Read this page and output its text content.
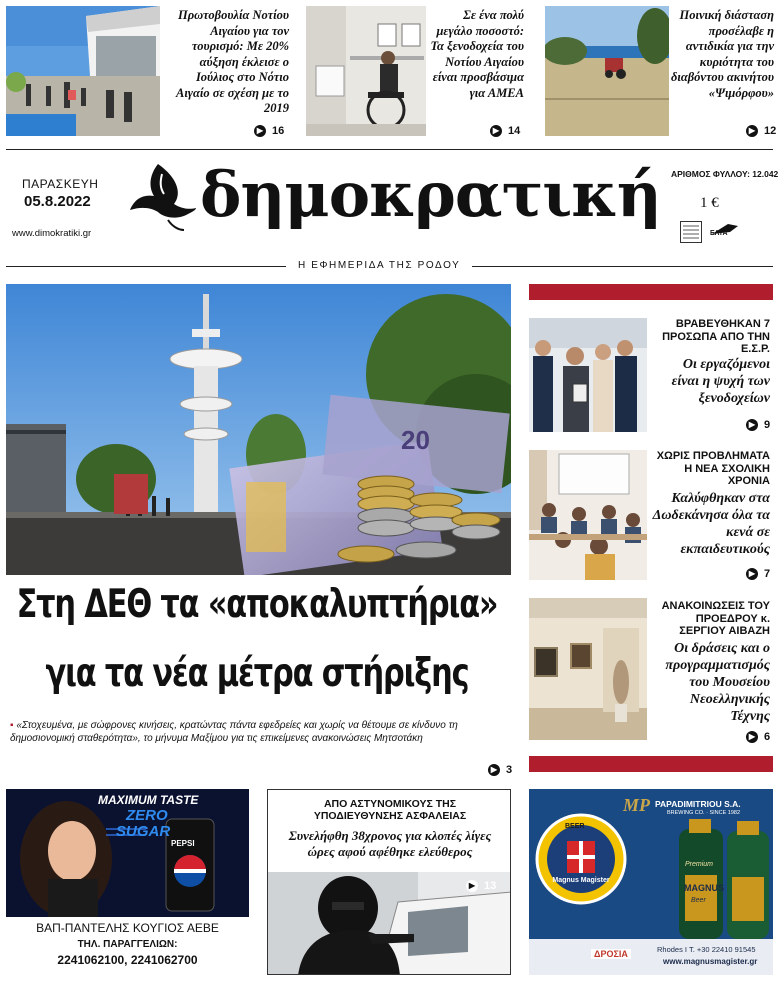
Πρωτοβουλία Νοτίου Αιγαίου για τον τουρισμό: Με 20% αύξηση έκλεισε ο Ιούλιος στο Νότιο Αιγαίο σε σχέση με το 2019
▶ 16
Σε ένα πολύ μεγάλο ποσοστό: Τα ξενοδοχεία του Νοτίου Αιγαίου είναι προσβάσιμα για ΑΜΕΑ
▶ 14
Ποινική διάσταση προσέλαβε η αντιδικία για την κυριότητα του διαβόντου ακινήτου «Ψιμόρφου»
▶ 12
ΠΑΡΑΣΚΕΥΗ
05.8.2022
www.dimokratiki.gr
δημοκρατική ΑΡΙΘΜΟΣ ΦΥΛΛΟΥ: 12.042
1 €
ΕΛΤΑ
Η ΕΦΗΜΕΡΙΔΑ ΤΗΣ ΡΟΔΟΥ
20
Στη ΔΕΘ τα «αποκαλυπτήρια»
για τα νέα μέτρα στήριξης
▪ «Στοχευμένα, με σώφρονες κινήσεις, κρατώντας πάντα εφεδρείες και χωρίς να θέτουμε σε κίνδυνο τη δημοσιονομική σταθερότητα», το μήνυμα Μαξίμου για τις επικείμενες ανακοινώσεις Μητσοτάκη
▶ 3
ΒΡΑΒΕΥΘΗΚΑΝ 7 ΠΡΟΣΩΠΑ ΑΠΟ ΤΗΝ Ε.Σ.Ρ.
Οι εργαζόμενοι είναι η ψυχή των ξενοδοχείων
▶ 9
ΧΩΡΙΣ ΠΡΟΒΛΗΜΑΤΑ Η ΝΕΑ ΣΧΟΛΙΚΗ ΧΡΟΝΙΑ
Καλύφθηκαν στα Δωδεκάνησα όλα τα κενά σε εκπαιδευτικούς
▶ 7
ΑΝΑΚΟΙΝΩΣΕΙΣ ΤΟΥ ΠΡΟΕΔΡΟΥ κ. ΣΕΡΓΙΟΥ ΑΙΒΑΖΗ
Οι δράσεις και ο προγραμματισμός του Μουσείου Νεοελληνικής Τέχνης
▶ 6
MAXIMUM TASTE
ZERO
SUGAR
PEPSI
ΒΑΠ-ΠΑΝΤΕΛΗΣ ΚΟΥΓΙΟΣ ΑΕΒΕ
ΤΗΛ. ΠΑΡΑΓΓΕΛΙΩΝ:
2241062100, 2241062700
ΑΠΟ ΑΣΤΥΝΟΜΙΚΟΥΣ ΤΗΣ ΥΠΟΔΙΕΥΘΥΝΣΗΣ ΑΣΦΑΛΕΙΑΣ
Συνελήφθη 38χρονος για κλοπές λίγες ώρες αφού αφέθηκε ελεύθερος
▶ 13
MP PAPADIMITRIOU S.A.
BREWING CO. · SINCE 1982
BEER
Magnus Magister
Premium
MAGNUS
Beer
ΔΡΟΣΙΑ	Rhodes I T. +30 22410 91545
www.magnusmagister.gr
